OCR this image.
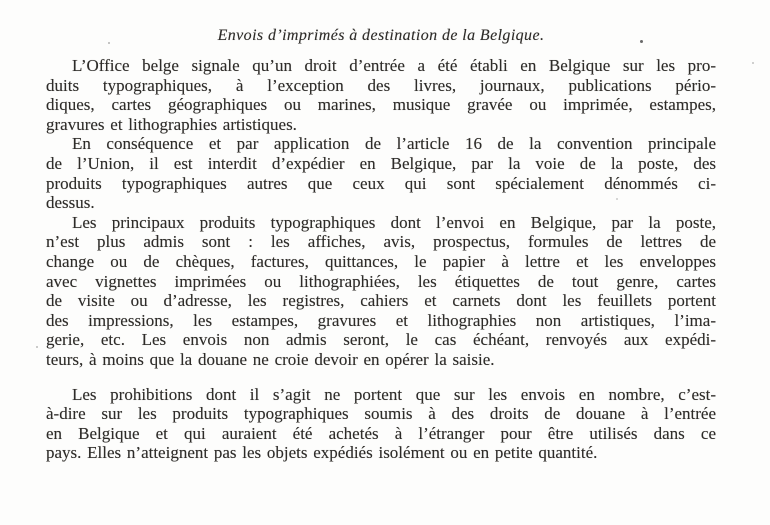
Envois d’imprimés à destination de la Belgique.

L’Office belge signale qu’un droit d’entrée a été établi en Belgique sur les pro-
duits typographiques, à l’exception des livres, journaux, publications pério-
diques, cartes géographiques ou marines, musique gravée ou imprimée, estampes,
gravures et lithographies artistiques.

En conséquence et par application de l’article 16 de la convention principale
de l’Union, il est interdit d’expédier en Belgique, par la voie de la poste, des
produits typographiques autres que ceux qui sont spécialement dénommés ci-
dessus.

Les principaux produits typographiques dont l’envoi en Belgique, par la poste,
n’est plus admis sont : les affiches, avis, prospectus, formules de lettres de
change ou de chèques, factures, quittances, le papier à lettre et les enveloppes
avec vignettes imprimées ou lithographiées, les étiquettes de tout genre, cartes
de visite ou d’adresse, les registres, cahiers et carnets dont les feuillets portent
des impressions, les estampes, gravures et lithographies non artistiques, l’ima-
gerie, etc. Les envois non admis seront, le cas échéant, renvoyés aux expédi-
teurs, à moins que la douane ne croie devoir en opérer la saisie.

Les prohibitions dont il s’agit ne portent que sur les envois en nombre, c’est-
à-dire sur les produits typographiques soumis à des droits de douane à l’entrée
en Belgique et qui auraient été achetés à l’étranger pour être utilisés dans ce
pays. Elles n’atteignent pas les objets expédiés isolément ou en petite quantité.
